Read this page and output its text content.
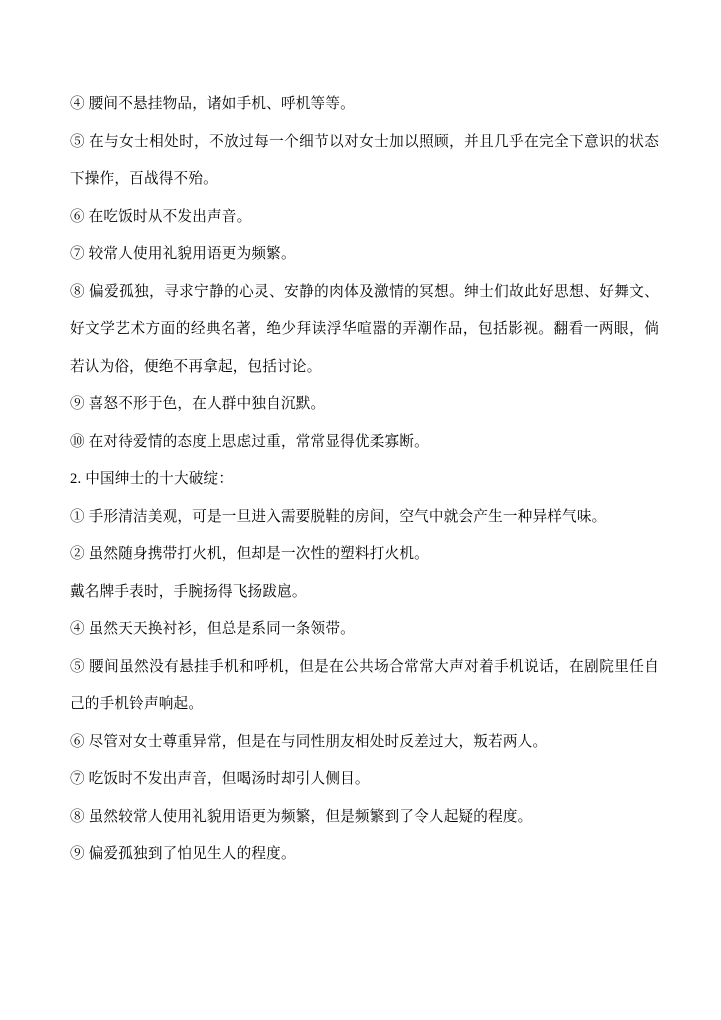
④ 腰间不悬挂物品，诸如手机、呼机等等。

⑤ 在与女士相处时，不放过每一个细节以对女士加以照顾，并且几乎在完全下意识的状态下操作，百战得不殆。

⑥ 在吃饭时从不发出声音。

⑦ 较常人使用礼貌用语更为频繁。

⑧ 偏爱孤独，寻求宁静的心灵、安静的肉体及激情的冥想。绅士们故此好思想、好舞文、好文学艺术方面的经典名著，绝少拜读浮华喧嚣的弄潮作品，包括影视。翻看一两眼，倘若认为俗，便绝不再拿起，包括讨论。

⑨ 喜怒不形于色，在人群中独自沉默。

⑩ 在对待爱情的态度上思虑过重，常常显得优柔寡断。

2. 中国绅士的十大破绽：

① 手形清洁美观，可是一旦进入需要脱鞋的房间，空气中就会产生一种异样气味。

② 虽然随身携带打火机，但却是一次性的塑料打火机。

戴名牌手表时，手腕扬得飞扬跋扈。

④ 虽然天天换衬衫，但总是系同一条领带。

⑤ 腰间虽然没有悬挂手机和呼机，但是在公共场合常常大声对着手机说话，在剧院里任自己的手机铃声响起。

⑥ 尽管对女士尊重异常，但是在与同性朋友相处时反差过大，叛若两人。

⑦ 吃饭时不发出声音，但喝汤时却引人侧目。

⑧ 虽然较常人使用礼貌用语更为频繁，但是频繁到了令人起疑的程度。

⑨ 偏爱孤独到了怕见生人的程度。
